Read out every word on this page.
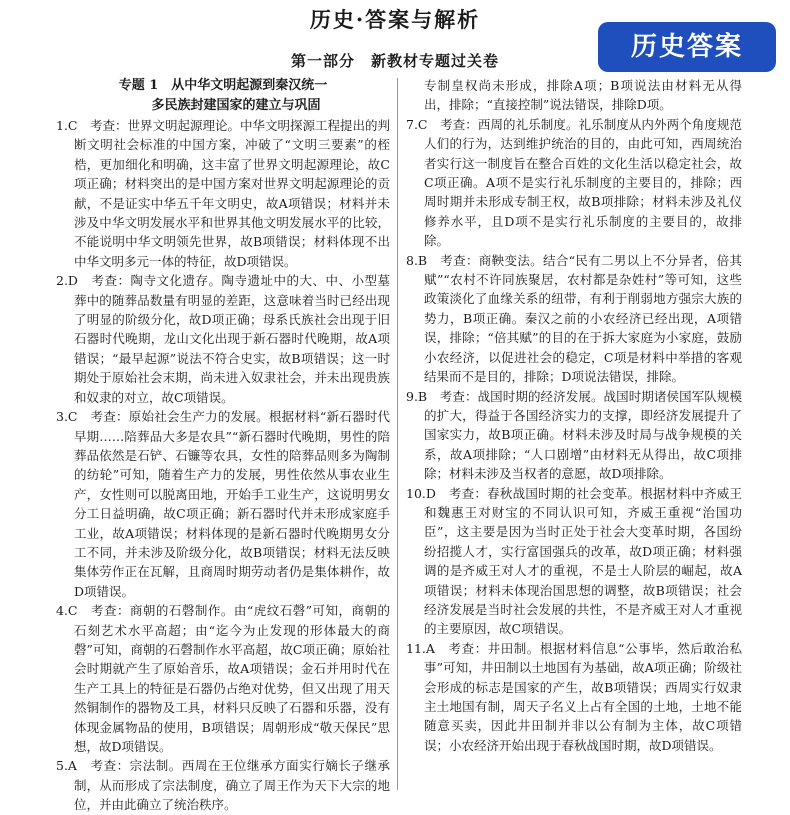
历史·答案与解析
历史答案
第一部分　新教材专题过关卷
专题 1　从中华文明起源到秦汉统一
多民族封建国家的建立与巩固

1.C　考查：世界文明起源理论。中华文明探源工程提出的判断文明社会标准的中国方案，冲破了“文明三要素”的桎梏，更加细化和明确，这丰富了世界文明起源理论，故C项正确；材料突出的是中国方案对世界文明起源理论的贡献，不是证实中华五千年文明史，故A项错误；材料并未涉及中华文明发展水平和世界其他文明发展水平的比较，不能说明中华文明领先世界，故B项错误；材料体现不出中华文明多元一体的特征，故D项错误。

2.D　考查：陶寺文化遗存。陶寺遗址中的大、中、小型墓葬中的随葬品数量有明显的差距，这意味着当时已经出现了明显的阶级分化，故D项正确；母系氏族社会出现于旧石器时代晚期，龙山文化出现于新石器时代晚期，故A项错误；“最早起源”说法不符合史实，故B项错误；这一时期处于原始社会末期，尚未进入奴隶社会，并未出现贵族和奴隶的对立，故C项错误。

3.C　考查：原始社会生产力的发展。根据材料“新石器时代早期……陪葬品大多是农具”“新石器时代晚期，男性的陪葬品依然是石铲、石镰等农具，女性的陪葬品则多为陶制的纺轮”可知，随着生产力的发展，男性依然从事农业生产，女性则可以脱离田地，开始手工业生产，这说明男女分工日益明确，故C项正确；新石器时代并未形成家庭手工业，故A项错误；材料体现的是新石器时代晚期男女分工不同，并未涉及阶级分化，故B项错误；材料无法反映集体劳作正在瓦解，且商周时期劳动者仍是集体耕作，故D项错误。

4.C　考查：商朝的石磬制作。由“虎纹石磬”可知，商朝的石刻艺术水平高超；由“迄今为止发现的形体最大的商磬”可知，商朝的石磬制作水平高超，故C项正确；原始社会时期就产生了原始音乐，故A项错误；金石并用时代在生产工具上的特征是石器仍占绝对优势，但又出现了用天然铜制作的器物及工具，材料只反映了石器和乐器，没有体现金属物品的使用，B项错误；周朝形成“敬天保民”思想，故D项错误。

5.A　考查：宗法制。西周在王位继承方面实行嫡长子继承制，从而形成了宗法制度，确立了周王作为天下大宗的地位，并由此确立了统治秩序。

专制皇权尚未形成，排除A项；B项说法由材料无从得出，排除；“直接控制”说法错误，排除D项。

7.C　考查：西周的礼乐制度。礼乐制度从内外两个角度规范人们的行为，达到维护统治的目的，由此可知，西周统治者实行这一制度旨在整合百姓的文化生活以稳定社会，故C项正确。A项不是实行礼乐制度的主要目的，排除；西周时期并未形成专制王权，故B项排除；材料未涉及礼仪修养水平，且D项不是实行礼乐制度的主要目的，故排除。

8.B　考查：商鞅变法。结合“民有二男以上不分异者，倍其赋”“农村不许同族聚居，农村都是杂姓村”等可知，这些政策淡化了血缘关系的纽带，有利于削弱地方强宗大族的势力，B项正确。秦汉之前的小农经济已经出现，A项错误，排除；“倍其赋”的目的在于拆大家庭为小家庭，鼓励小农经济，以促进社会的稳定，C项是材料中举措的客观结果而不是目的，排除；D项说法错误，排除。

9.B　考查：战国时期的经济发展。战国时期诸侯国军队规模的扩大，得益于各国经济实力的支撑，即经济发展提升了国家实力，故B项正确。材料未涉及时局与战争规模的关系，故A项排除；“人口剧增”由材料无从得出，故C项排除；材料未涉及当权者的意愿，故D项排除。

10.D　考查：春秋战国时期的社会变革。根据材料中齐威王和魏惠王对财宝的不同认识可知，齐威王重视“治国功臣”，这主要是因为当时正处于社会大变革时期，各国纷纷招揽人才，实行富国强兵的改革，故D项正确；材料强调的是齐威王对人才的重视，不是士人阶层的崛起，故A项错误；材料未体现治国思想的调整，故B项错误；社会经济发展是当时社会发展的共性，不是齐威王对人才重视的主要原因，故C项错误。

11.A　考查：井田制。根据材料信息“公事毕，然后敢治私事”可知，井田制以土地国有为基础，故A项正确；阶级社会形成的标志是国家的产生，故B项错误；西周实行奴隶主土地国有制，周天子名义上占有全国的土地，土地不能随意买卖，因此井田制并非以公有制为主体，故C项错误；小农经济开始出现于春秋战国时期，故D项错误。
